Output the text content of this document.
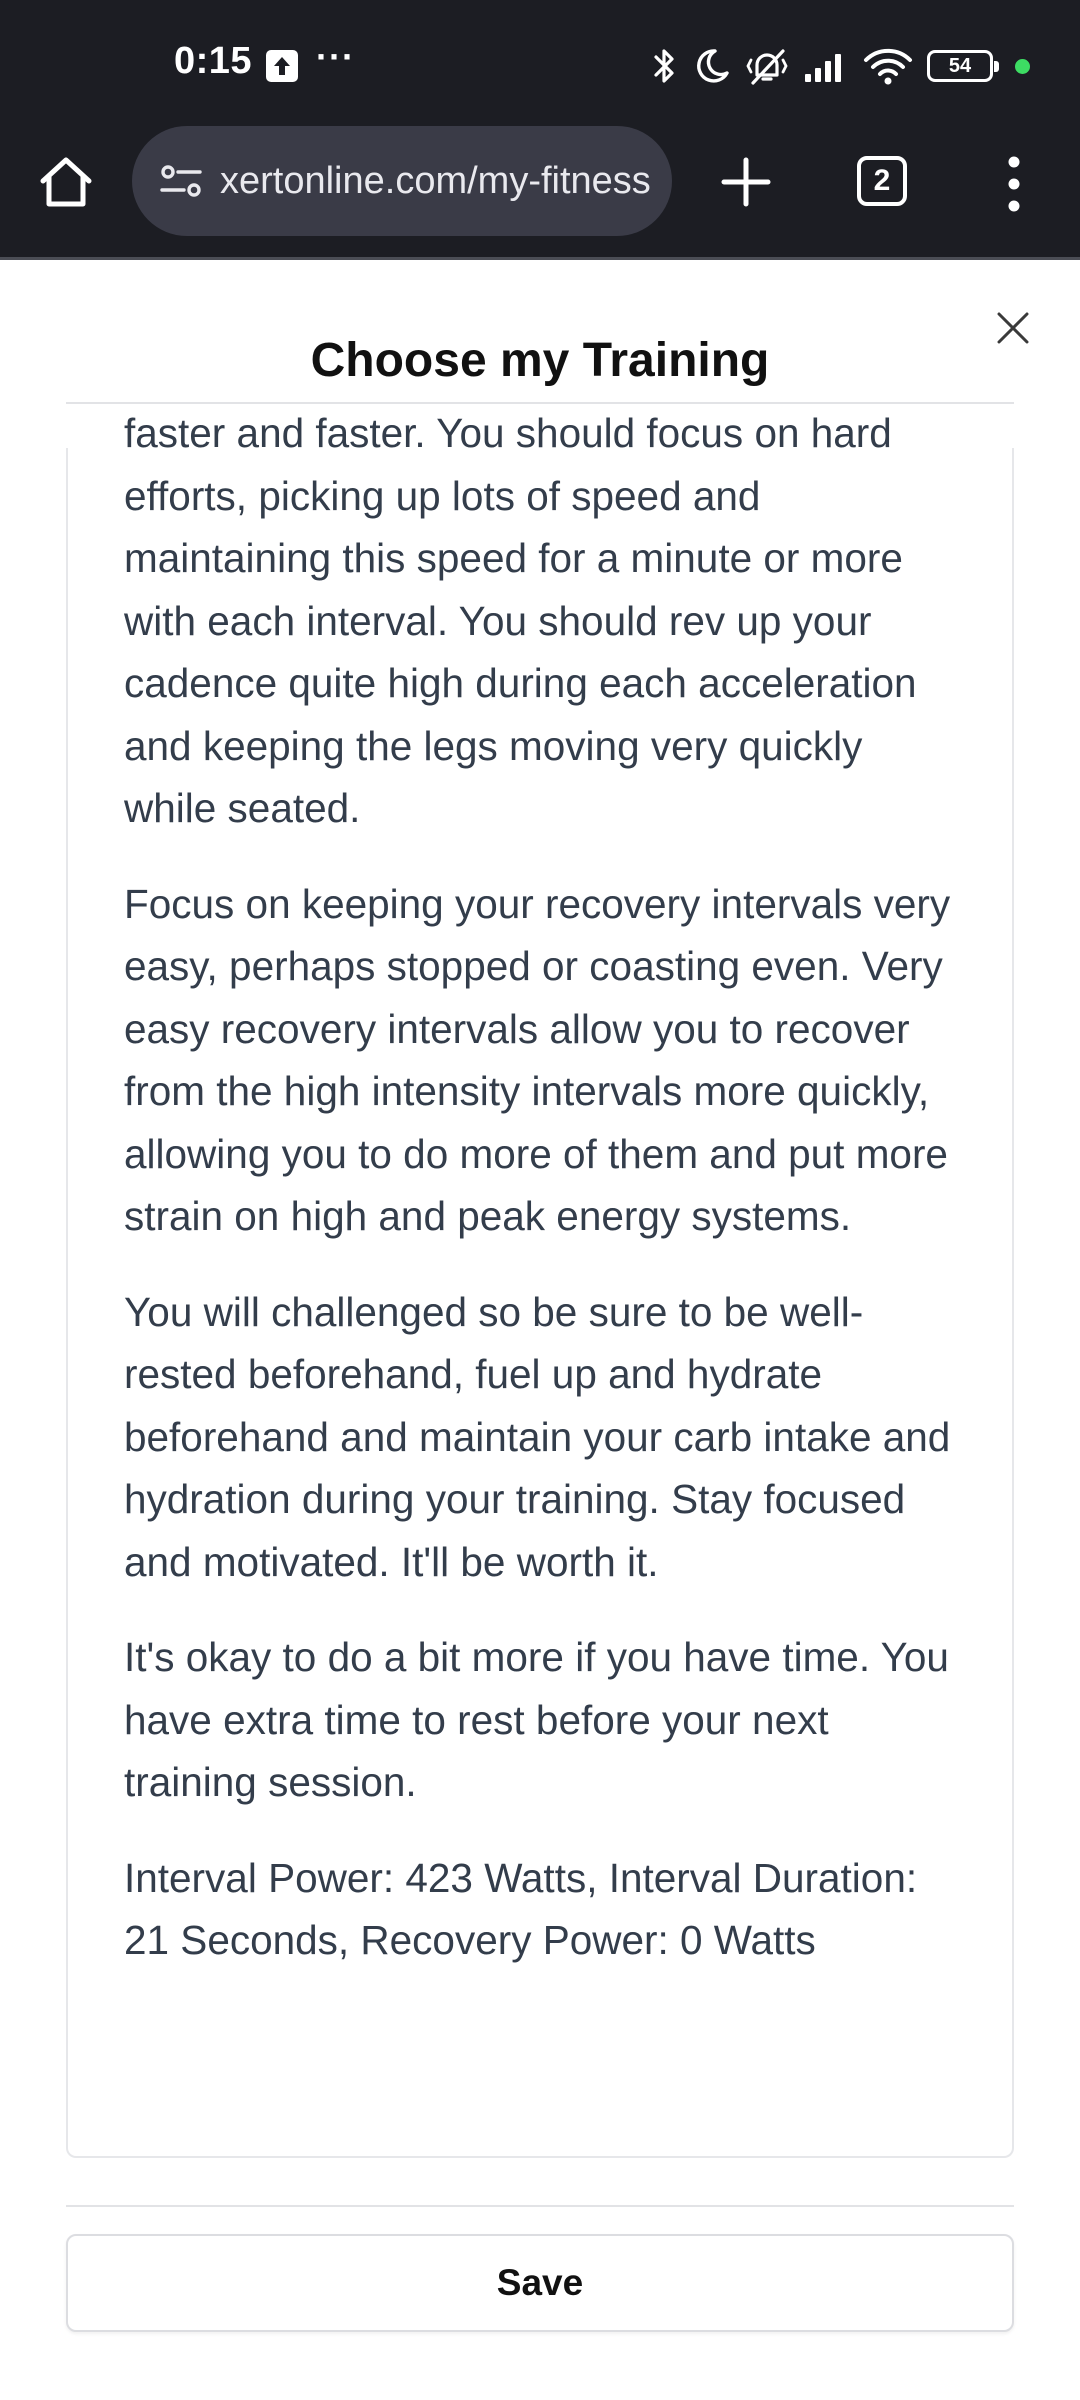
0:15 ···	54
xertonline.com/my-fitness	2
Choose my Training

faster and faster. You should focus on hard efforts, picking up lots of speed and maintaining this speed for a minute or more with each interval. You should rev up your cadence quite high during each acceleration and keeping the legs moving very quickly while seated.

Focus on keeping your recovery intervals very easy, perhaps stopped or coasting even. Very easy recovery intervals allow you to recover from the high intensity intervals more quickly, allowing you to do more of them and put more strain on high and peak energy systems.

You will challenged so be sure to be well-rested beforehand, fuel up and hydrate beforehand and maintain your carb intake and hydration during your training. Stay focused and motivated. It'll be worth it.

It's okay to do a bit more if you have time. You have extra time to rest before your next training session.

Interval Power: 423 Watts, Interval Duration: 21 Seconds, Recovery Power: 0 Watts

Save
